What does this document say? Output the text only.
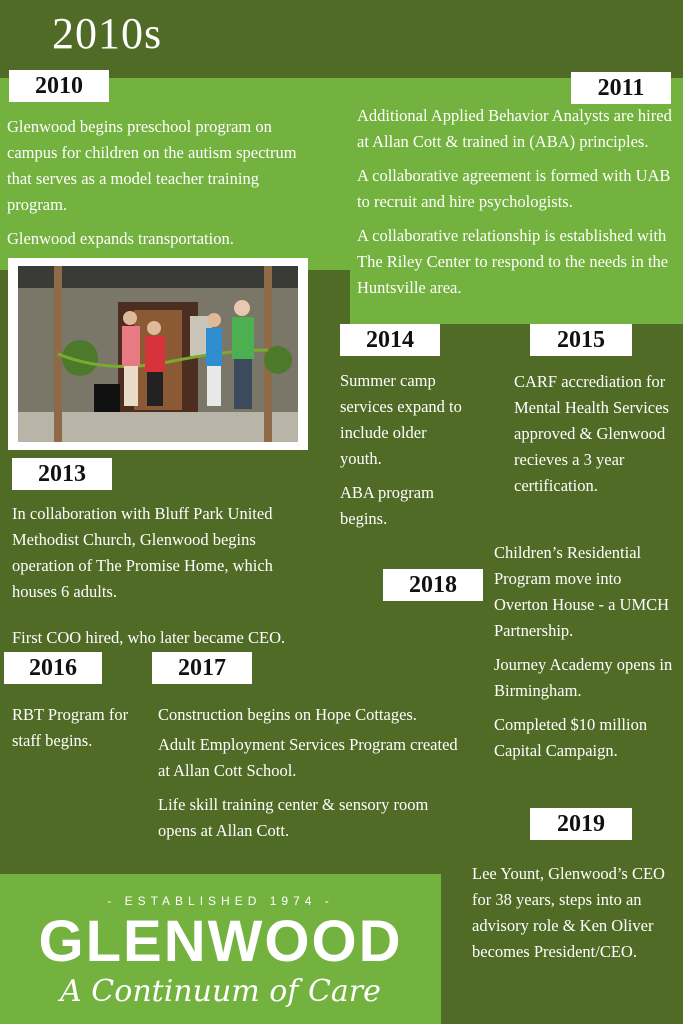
2010s
2010

Glenwood begins preschool program on campus for children on the autism spectrum that serves as a model teacher training program.

Glenwood expands transportation.

2011

Additional Applied Behavior Analysts are hired at Allan Cott & trained in (ABA) principles.

A collaborative agreement is formed with UAB to recruit and hire psychologists.

A collaborative relationship is established with The Riley Center to respond to the needs in the Huntsville area.

2014

Summer camp services expand to include older youth.

ABA program begins.

2015

CARF accrediation for Mental Health Services approved & Glenwood recieves a 3 year certification.

2013

In collaboration with Bluff Park United Methodist Church, Glenwood begins operation of The Promise Home, which houses 6 adults.

First COO hired, who later became CEO.

2018

Children’s Residential Program move into Overton House - a UMCH Partnership.

Journey Academy opens in Birmingham.

Completed $10 million Capital Campaign.

2016

RBT Program for staff begins.

2017

Construction begins on Hope Cottages.

Adult Employment Services Program created at Allan Cott School.

Life skill training center & sensory room opens at Allan Cott.	2019

Lee Yount, Glenwood’s CEO for 38 years, steps into an advisory role & Ken Oliver becomes President/CEO.

- ESTABLISHED 1974 -
GLENWOOD
A Continuum of Care
